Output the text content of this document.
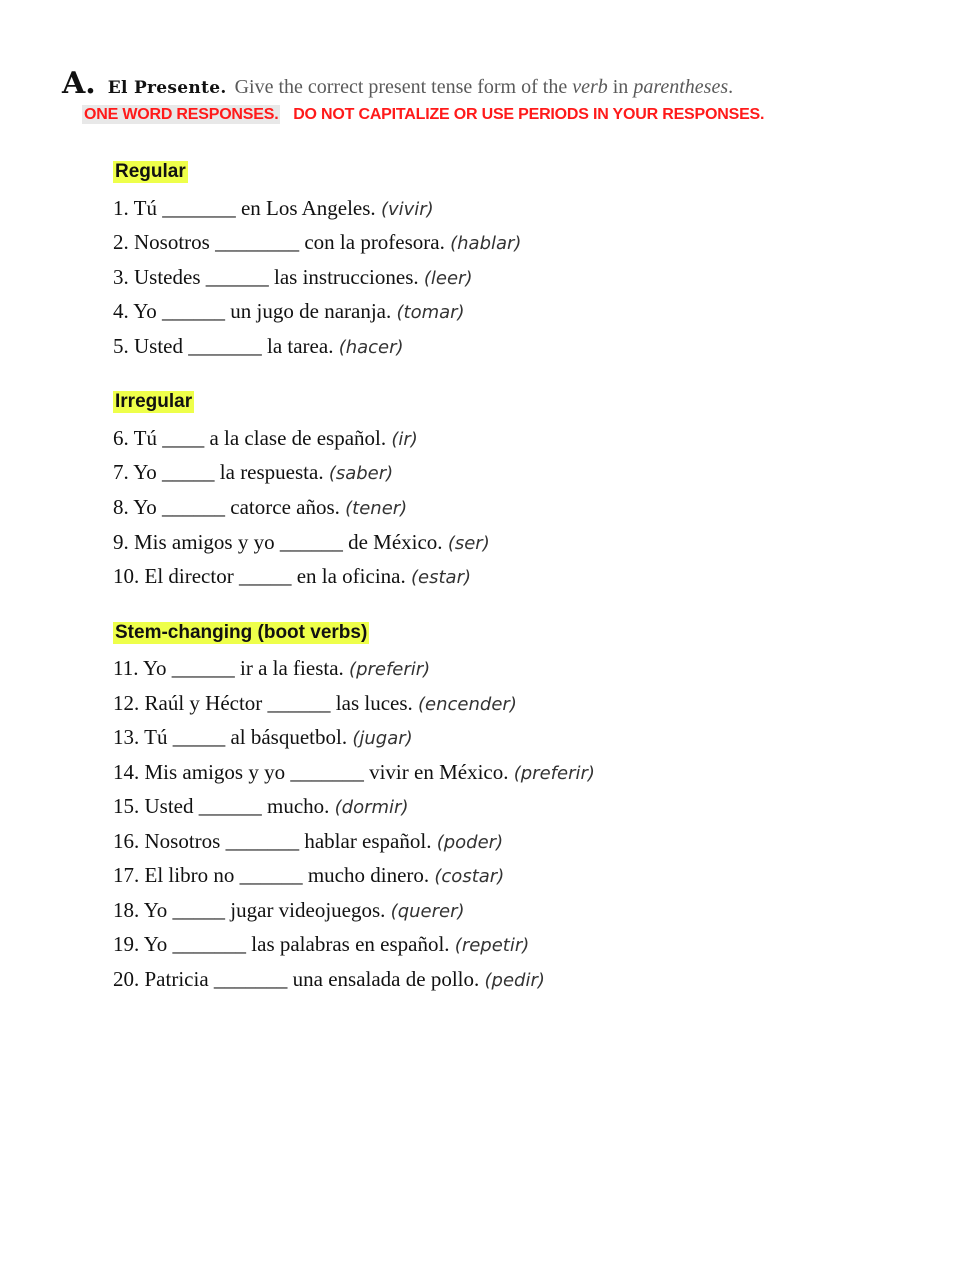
A. El Presente. Give the correct present tense form of the verb in parentheses.
ONE WORD RESPONSES. DO NOT CAPITALIZE OR USE PERIODS IN YOUR RESPONSES.
Regular
1. Tú _______ en Los Angeles. (vivir)
2. Nosotros ________ con la profesora. (hablar)
3. Ustedes ______ las instrucciones. (leer)
4. Yo ______ un jugo de naranja. (tomar)
5. Usted _______ la tarea. (hacer)
Irregular
6. Tú ____ a la clase de español. (ir)
7. Yo _____ la respuesta. (saber)
8. Yo ______ catorce años. (tener)
9. Mis amigos y yo ______ de México. (ser)
10. El director _____ en la oficina. (estar)
Stem-changing (boot verbs)
11. Yo ______ ir a la fiesta. (preferir)
12. Raúl y Héctor ______ las luces. (encender)
13. Tú _____ al básquetbol. (jugar)
14. Mis amigos y yo _______ vivir en México. (preferir)
15. Usted ______ mucho. (dormir)
16. Nosotros _______ hablar español. (poder)
17. El libro no ______ mucho dinero. (costar)
18. Yo _____ jugar videojuegos. (querer)
19. Yo _______ las palabras en español. (repetir)
20. Patricia _______ una ensalada de pollo. (pedir)
